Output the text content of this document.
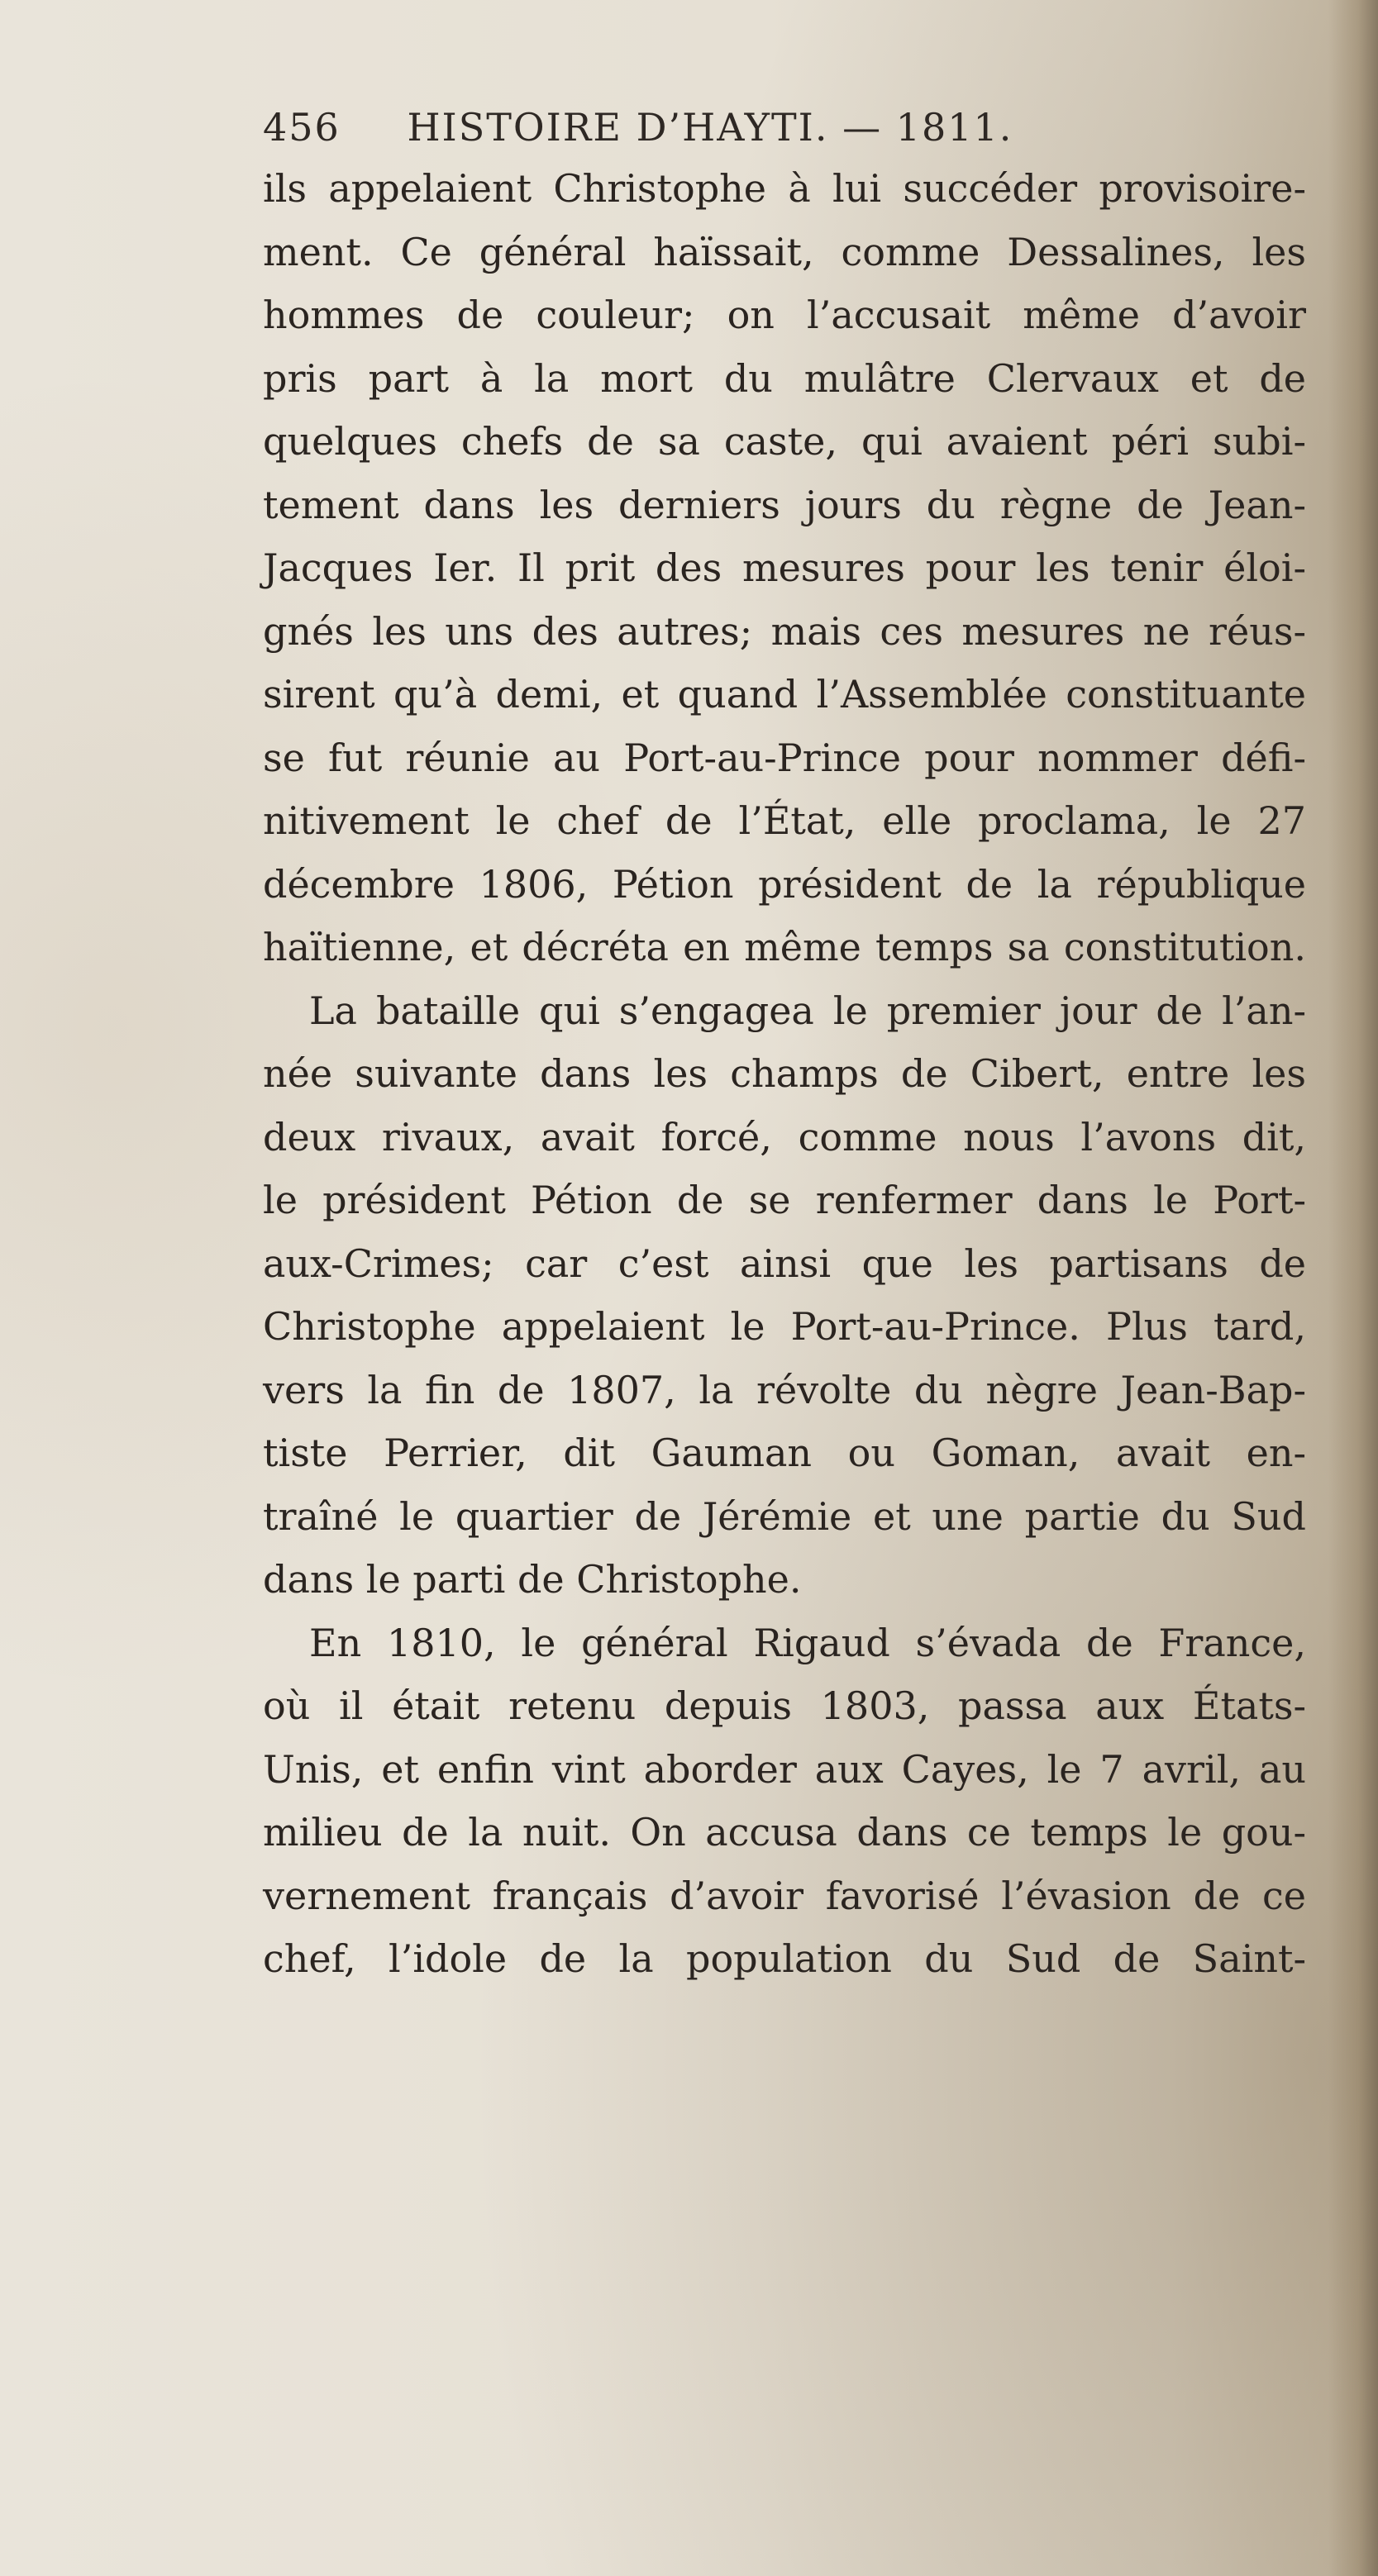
456 HISTOIRE D’HAYTI. — 1811.
ils appelaient Christophe à lui succéder provisoire-
ment. Ce général haïssait, comme Dessalines, les
hommes de couleur; on l’accusait même d’avoir
pris part à la mort du mulâtre Clervaux et de
quelques chefs de sa caste, qui avaient péri subi-
tement dans les derniers jours du règne de Jean-
Jacques Ier. Il prit des mesures pour les tenir éloi-
gnés les uns des autres; mais ces mesures ne réus-
sirent qu’à demi, et quand l’Assemblée constituante
se fut réunie au Port-au-Prince pour nommer défi-
nitivement le chef de l’État, elle proclama, le 27
décembre 1806, Pétion président de la république
haïtienne, et décréta en même temps sa constitution.
La bataille qui s’engagea le premier jour de l’an-
née suivante dans les champs de Cibert, entre les
deux rivaux, avait forcé, comme nous l’avons dit,
le président Pétion de se renfermer dans le Port-
aux-Crimes; car c’est ainsi que les partisans de
Christophe appelaient le Port-au-Prince. Plus tard,
vers la fin de 1807, la révolte du nègre Jean-Bap-
tiste Perrier, dit Gauman ou Goman, avait en-
traîné le quartier de Jérémie et une partie du Sud
dans le parti de Christophe.
En 1810, le général Rigaud s’évada de France,
où il était retenu depuis 1803, passa aux États-
Unis, et enfin vint aborder aux Cayes, le 7 avril, au
milieu de la nuit. On accusa dans ce temps le gou-
vernement français d’avoir favorisé l’évasion de ce
chef, l’idole de la population du Sud de Saint-
